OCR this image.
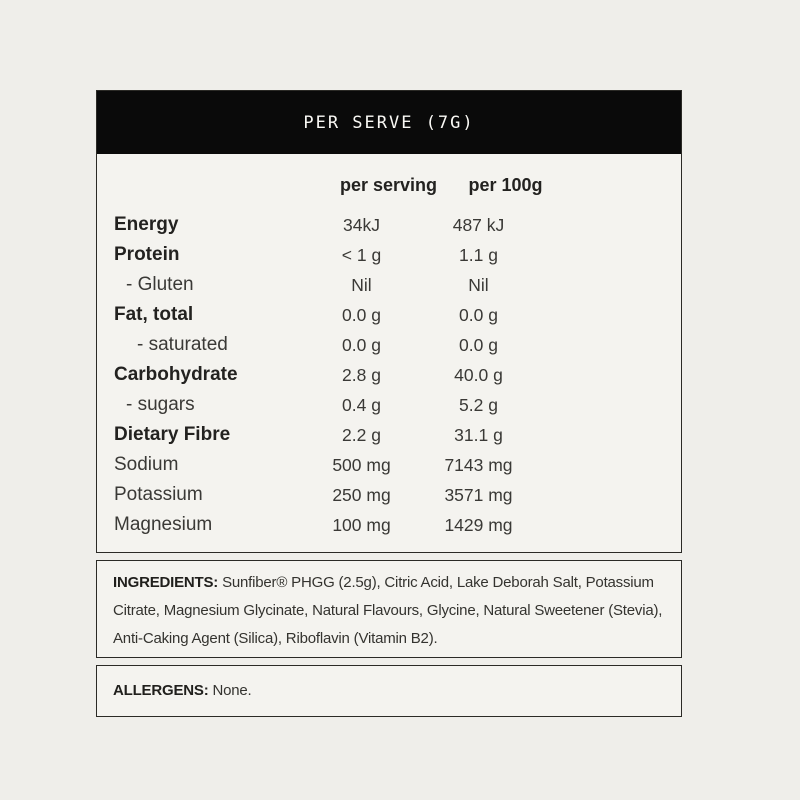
PER SERVE (7G)
per serving	per 100g
Energy	34kJ	487 kJ
Protein	< 1 g	1.1 g
- Gluten	Nil	Nil
Fat, total	0.0 g	0.0 g
- saturated	0.0 g	0.0 g
Carbohydrate	2.8 g	40.0 g
- sugars	0.4 g	5.2 g
Dietary Fibre	2.2 g	31.1 g
Sodium	500 mg	7143 mg
Potassium	250 mg	3571 mg
Magnesium	100 mg	1429 mg

INGREDIENTS: Sunfiber® PHGG (2.5g), Citric Acid, Lake Deborah Salt, Potassium Citrate, Magnesium Glycinate, Natural Flavours, Glycine, Natural Sweetener (Stevia), Anti-Caking Agent (Silica), Riboflavin (Vitamin B2).

ALLERGENS: None.
